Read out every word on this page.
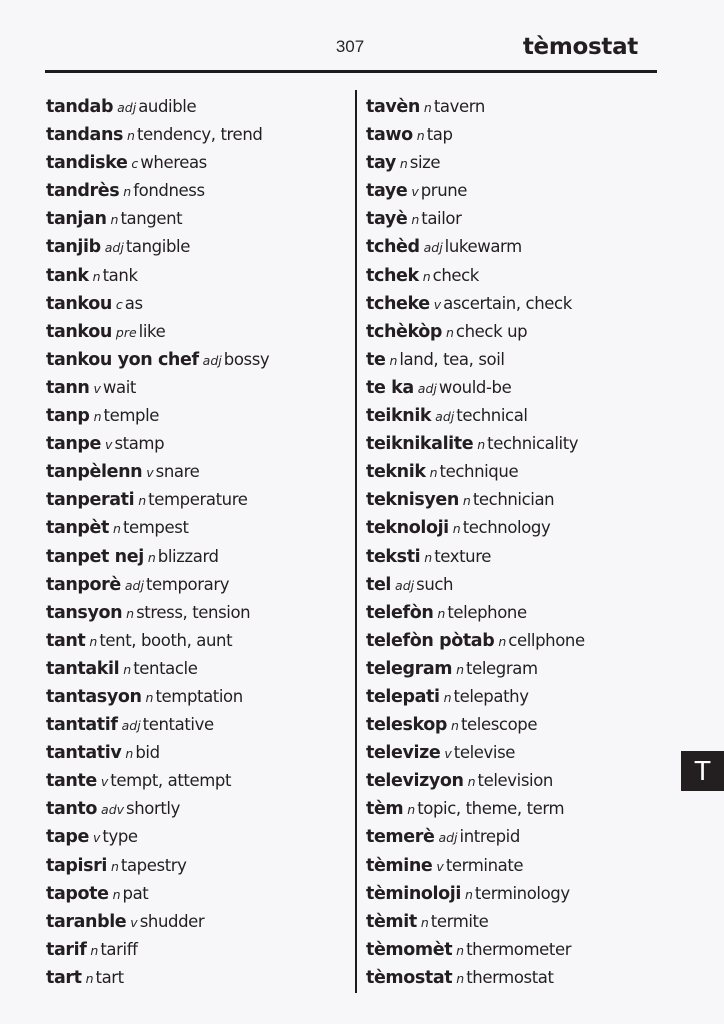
307	tèmostat
tandab adj audible
tandans n tendency, trend
tandiske c whereas
tandrès n fondness
tanjan n tangent
tanjib adj tangible
tank n tank
tankou c as
tankou pre like
tankou yon chef adj bossy
tann v wait
tanp n temple
tanpe v stamp
tanpèlenn v snare
tanperati n temperature
tanpèt n tempest
tanpet nej n blizzard
tanporè adj temporary
tansyon n stress, tension
tant n tent, booth, aunt
tantakil n tentacle
tantasyon n temptation
tantatif adj tentative
tantativ n bid
tante v tempt, attempt
tanto adv shortly
tape v type
tapisri n tapestry
tapote n pat
taranble v shudder
tarif n tariff
tart n tart
tavèn n tavern
tawo n tap
tay n size
taye v prune
tayè n tailor
tchèd adj lukewarm
tchek n check
tcheke v ascertain, check
tchèkòp n check up
te n land, tea, soil
te ka adj would-be
teiknik adj technical
teiknikalite n technicality
teknik n technique
teknisyen n technician
teknoloji n technology
teksti n texture
tel adj such
telefòn n telephone
telefòn pòtab n cellphone
telegram n telegram
telepati n telepathy
teleskop n telescope
televize v televise
televizyon n television
tèm n topic, theme, term
temerè adj intrepid
tèmine v terminate
tèminoloji n terminology
tèmit n termite
tèmomèt n thermometer
tèmostat n thermostat
T
